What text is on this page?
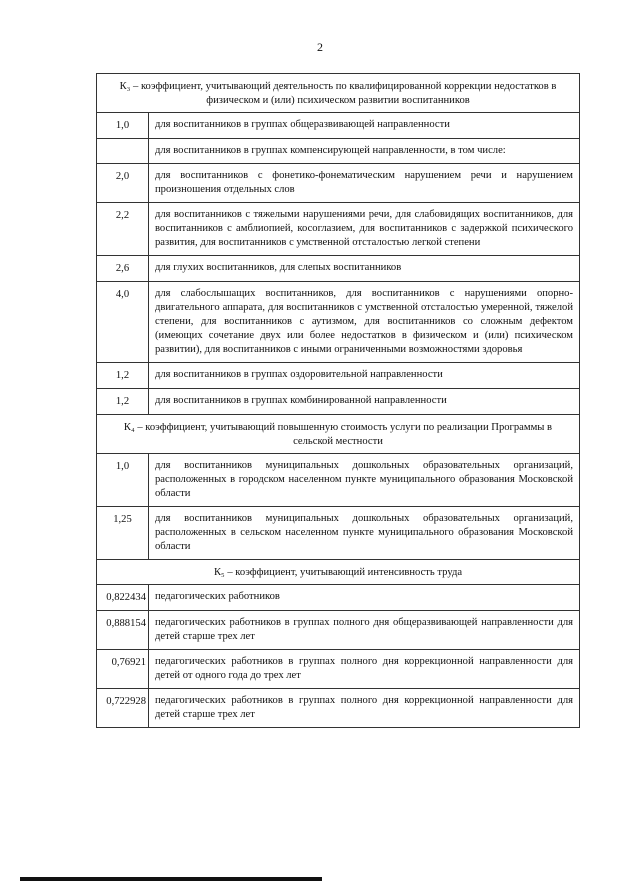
2
К₃ – коэффициент, учитывающий деятельность по квалифицированной коррекции недостатков в физическом и (или) психическом развитии воспитанников	
1,0	для воспитанников в группах общеразвивающей направленности
	для воспитанников в группах компенсирующей направленности, в том числе:
2,0	для воспитанников с фонетико-фонематическим нарушением речи и нарушением произношения отдельных слов
2,2	для воспитанников с тяжелыми нарушениями речи, для слабовидящих воспитанников, для воспитанников с амблиопией, косоглазием, для воспитанников с задержкой психического развития, для воспитанников с умственной отсталостью легкой степени
2,6	для глухих воспитанников, для слепых воспитанников
4,0	для слабослышащих воспитанников, для воспитанников с нарушениями опорно-двигательного аппарата, для воспитанников с умственной отсталостью умеренной, тяжелой степени, для воспитанников с аутизмом, для воспитанников со сложным дефектом (имеющих сочетание двух или более недостатков в физическом и (или) психическом развитии), для воспитанников с иными ограниченными возможностями здоровья
1,2	для воспитанников в группах оздоровительной направленности
1,2	для воспитанников в группах комбинированной направленности
К₄ – коэффициент, учитывающий повышенную стоимость услуги по реализации Программы в сельской местности	
1,0	для воспитанников муниципальных дошкольных образовательных организаций, расположенных в городском населенном пункте муниципального образования Московской области
1,25	для воспитанников муниципальных дошкольных образовательных организаций, расположенных в сельском населенном пункте муниципального образования Московской области
К₅ – коэффициент, учитывающий интенсивность труда	
0,822434	педагогических работников
0,888154	педагогических работников в группах полного дня общеразвивающей направленности для детей старше трех лет
0,76921	педагогических работников в группах полного дня коррекционной направленности для детей от одного года до трех лет
0,722928	педагогических работников в группах полного дня коррекционной направленности для детей старше трех лет
